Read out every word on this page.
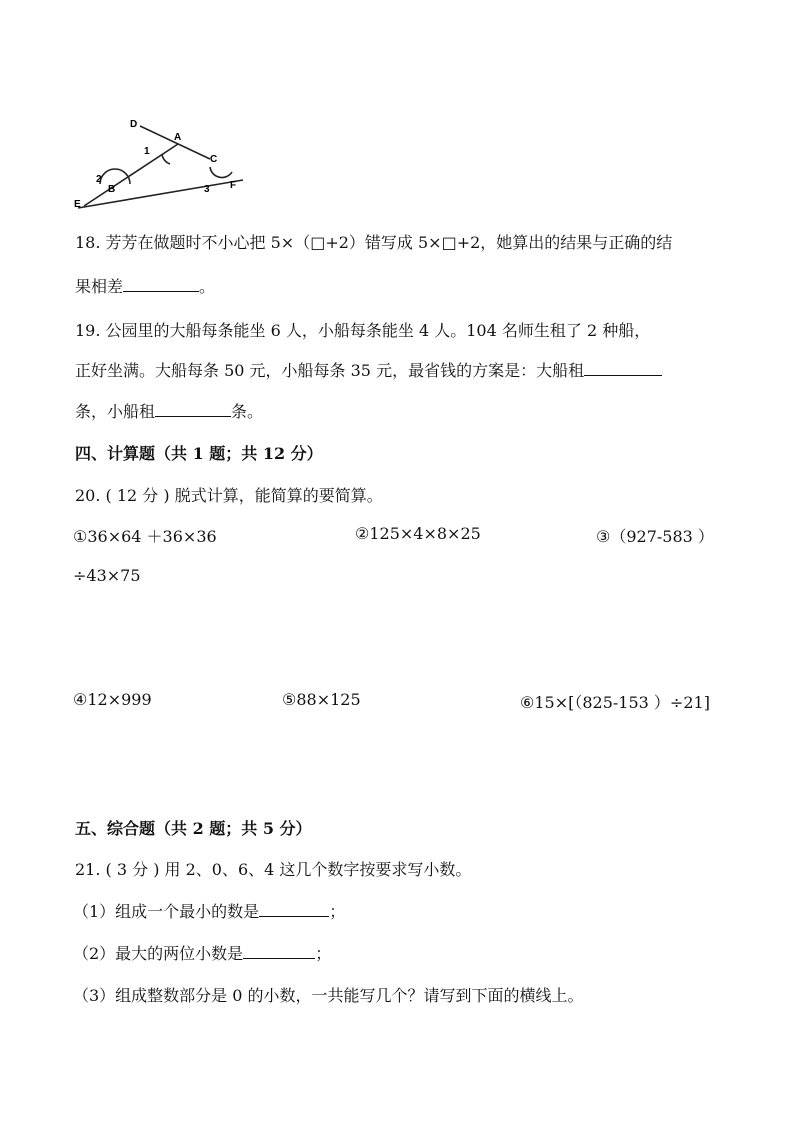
D
A
C
F
E
B
1
2
3
18. 芳芳在做题时不小心把 5×（□+2）错写成 5×□+2，她算出的结果与正确的结
果相差	。
19. 公园里的大船每条能坐 6 人，小船每条能坐 4 人。104 名师生租了 2 种船，
正好坐满。大船每条 50 元，小船每条 35 元，最省钱的方案是：大船租
条，小船租	条。
四、计算题（共 1 题；共 12 分）
20. ( 12 分 ) 脱式计算，能简算的要简算。
①36×64 ＋36×36	②125×4×8×25	③（927-583 ）
÷43×75
④12×999	⑤88×125	⑥15×[（825-153 ）÷21]
五、综合题（共 2 题；共 5 分）
21. ( 3 分 ) 用 2、0、6、4 这几个数字按要求写小数。
（1）组成一个最小的数是	；
（2）最大的两位小数是	；
（3）组成整数部分是 0 的小数，一共能写几个？请写到下面的横线上。
